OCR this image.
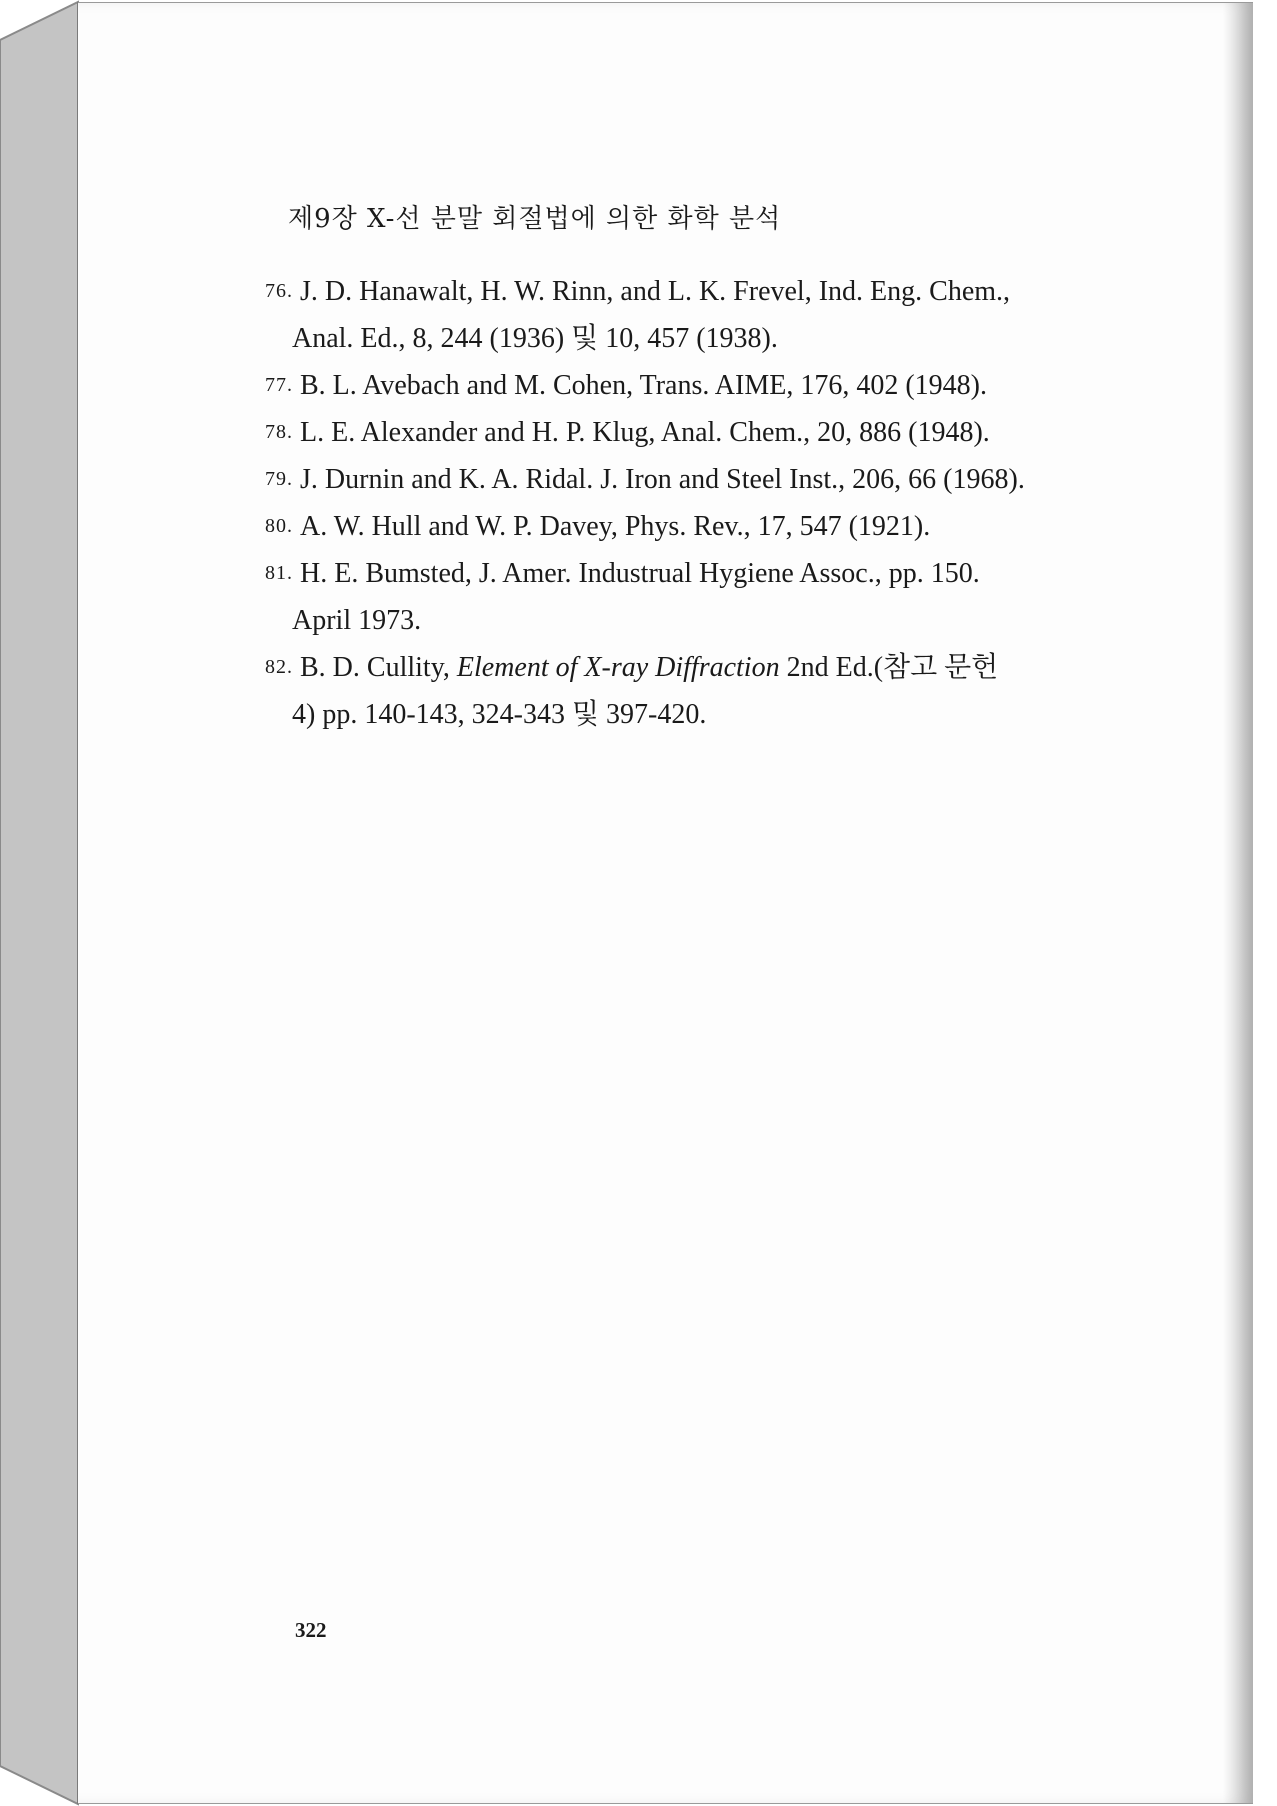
제9장 X-선 분말 회절법에 의한 화학 분석
76. J. D. Hanawalt, H. W. Rinn, and L. K. Frevel, Ind. Eng. Chem.,

Anal. Ed., 8, 244 (1936) 및 10, 457 (1938).
77. B. L. Avebach and M. Cohen, Trans. AIME, 176, 402 (1948).
78. L. E. Alexander and H. P. Klug, Anal. Chem., 20, 886 (1948).
79. J. Durnin and K. A. Ridal. J. Iron and Steel Inst., 206, 66 (1968).
80. A. W. Hull and W. P. Davey, Phys. Rev., 17, 547 (1921).
81. H. E. Bumsted, J. Amer. Industrual Hygiene Assoc., pp. 150.

April 1973.
82. B. D. Cullity, Element of X-ray Diffraction 2nd Ed.(참고 문헌

4) pp. 140-143, 324-343 및 397-420.
322
